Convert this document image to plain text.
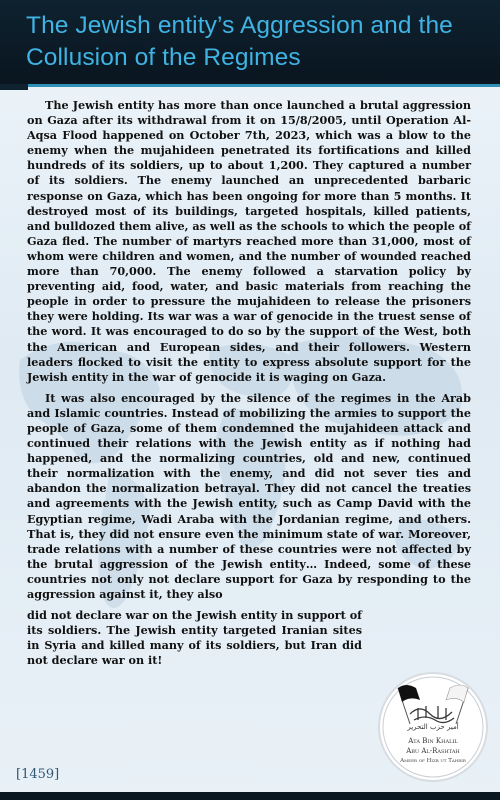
The Jewish entity’s Aggression and the Collusion of the Regimes

The Jewish entity has more than once launched a brutal aggression on Gaza after its withdrawal from it on 15/8/2005, until Operation Al-Aqsa Flood happened on October 7th, 2023, which was a blow to the enemy when the mujahideen penetrated its fortifications and killed hundreds of its soldiers, up to about 1,200. They captured a number of its soldiers. The enemy launched an unprecedented barbaric response on Gaza, which has been ongoing for more than 5 months. It destroyed most of its buildings, targeted hospitals, killed patients, and bulldozed them alive, as well as the schools to which the people of Gaza fled. The number of martyrs reached more than 31,000, most of whom were children and women, and the number of wounded reached more than 70,000. The enemy followed a starvation policy by preventing aid, food, water, and basic materials from reaching the people in order to pressure the mujahideen to release the prisoners they were holding. Its war was a war of genocide in the truest sense of the word. It was encouraged to do so by the support of the West, both the American and European sides, and their followers. Western leaders flocked to visit the entity to express absolute support for the Jewish entity in the war of genocide it is waging on Gaza.

It was also encouraged by the silence of the regimes in the Arab and Islamic countries. Instead of mobilizing the armies to support the people of Gaza, some of them condemned the mujahideen attack and continued their relations with the Jewish entity as if nothing had happened, and the normalizing countries, old and new, continued their normalization with the enemy, and did not sever ties and abandon the normalization betrayal. They did not cancel the treaties and agreements with the Jewish entity, such as Camp David with the Egyptian regime, Wadi Araba with the Jordanian regime, and others. That is, they did not ensure even the minimum state of war. Moreover, trade relations with a number of these countries were not affected by the brutal aggression of the Jewish entity… Indeed, some of these countries not only not declare support for Gaza by responding to the aggression against it, they also

did not declare war on the Jewish entity in support of its soldiers. The Jewish entity targeted Iranian sites in Syria and killed many of its soldiers, but Iran did not declare war on it!

أمير حزب التحرير
Ata Bin Khalil
Abu Al-Rashtah
Ameer of Hizb ut Tahrir
[1459]
